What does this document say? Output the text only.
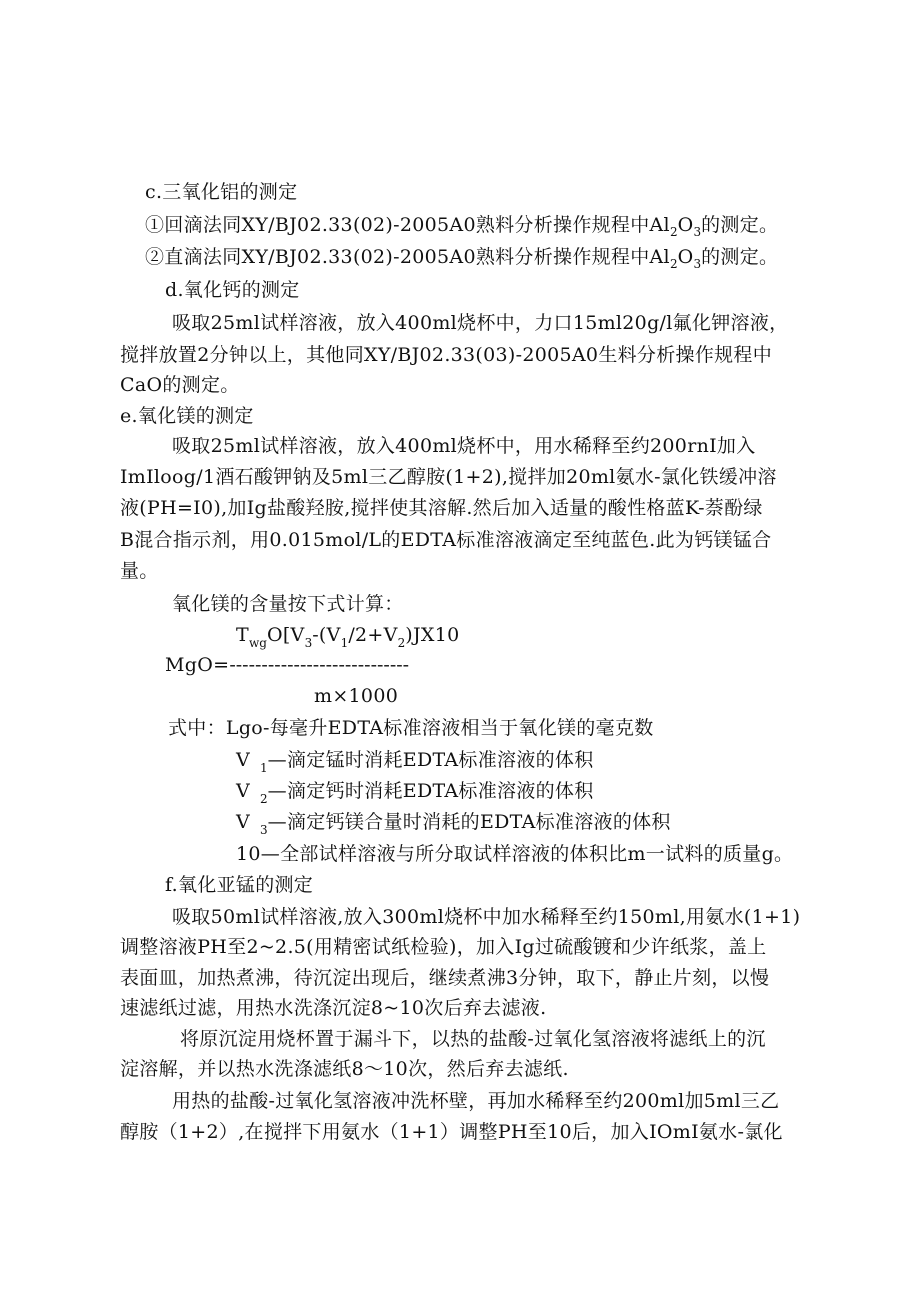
c.三氧化铝的测定
①回滴法同XY/BJ02.33(02)-2005A0熟料分析操作规程中$Al_2O_3$的测定。
②直滴法同XY/BJ02.33(02)-2005A0熟料分析操作规程中$Al_2O_3$的测定。
d.氧化钙的测定
吸取25ml试样溶液，放入400ml烧杯中，力口15ml20g/l氟化钾溶液，
搅拌放置2分钟以上，其他同XY/BJ02.33(03)-2005A0生料分析操作规程中
CaO的测定。
e.氧化镁的测定
吸取25ml试样溶液，放入400ml烧杯中，用水稀释至约200rnI加入
ImIloog/1酒石酸钾钠及5ml三乙醇胺(1+2),搅拌加20ml氨水-氯化铁缓冲溶
液(PH=I0),加Ig盐酸羟胺,搅拌使其溶解.然后加入适量的酸性格蓝K-萘酚绿
B混合指示剂，用0.015mol/L的EDTA标准溶液滴定至纯蓝色.此为钙镁锰合
量。
氧化镁的含量按下式计算：
$T_{wg}O[V_3-(V_1/2+V_2)JX10$
MgO=----------------------------
m×1000
式中：Lgo-每毫升EDTA标准溶液相当于氧化镁的毫克数
V $_1$—滴定锰时消耗EDTA标准溶液的体积
V $_2$—滴定钙时消耗EDTA标准溶液的体积
V $_3$—滴定钙镁合量时消耗的EDTA标准溶液的体积
10—全部试样溶液与所分取试样溶液的体积比m一试料的质量g。
f.氧化亚锰的测定
吸取50ml试样溶液,放入300ml烧杯中加水稀释至约150ml,用氨水(1+1)
调整溶液PH至2~2.5(用精密试纸检验)，加入Ig过硫酸镀和少许纸浆，盖上
表面皿，加热煮沸，待沉淀出现后，继续煮沸3分钟，取下，静止片刻，以慢
速滤纸过滤，用热水洗涤沉淀8~10次后弃去滤液.
将原沉淀用烧杯置于漏斗下，以热的盐酸-过氧化氢溶液将滤纸上的沉
淀溶解，并以热水洗涤滤纸8～10次，然后弃去滤纸.
用热的盐酸-过氧化氢溶液冲洗杯壁，再加水稀释至约200ml加5ml三乙
醇胺（1+2）,在搅拌下用氨水（1+1）调整PH至10后，加入IOmI氨水-氯化
